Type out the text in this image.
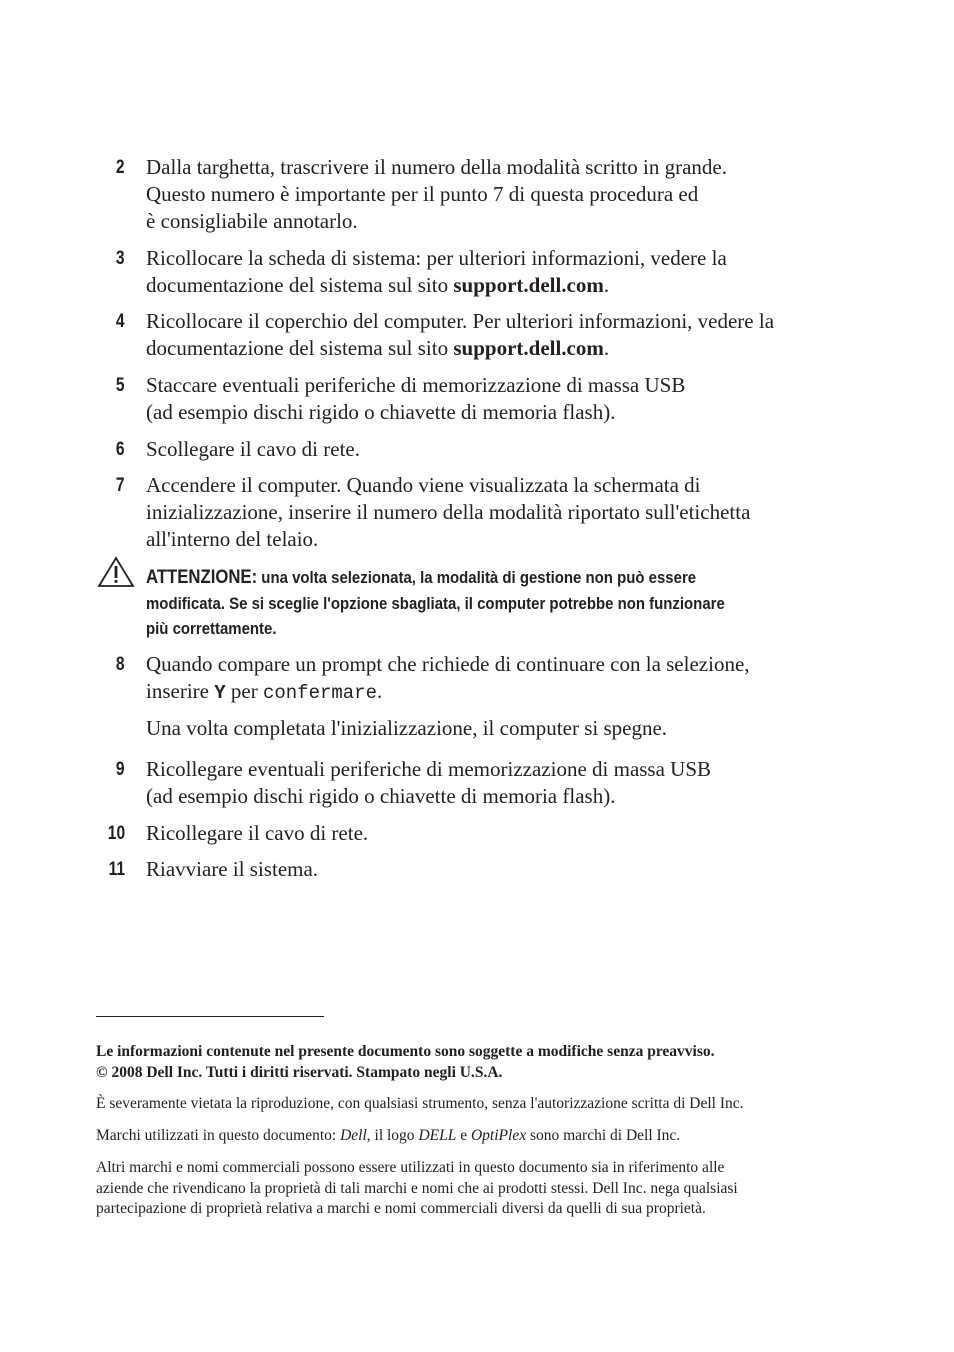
2 Dalla targhetta, trascrivere il numero della modalità scritto in grande.
Questo numero è importante per il punto 7 di questa procedura ed
è consigliabile annotarlo.
3 Ricollocare la scheda di sistema: per ulteriori informazioni, vedere la
documentazione del sistema sul sito support.dell.com.
4 Ricollocare il coperchio del computer. Per ulteriori informazioni, vedere la
documentazione del sistema sul sito support.dell.com.
5 Staccare eventuali periferiche di memorizzazione di massa USB
(ad esempio dischi rigido o chiavette di memoria flash).
6 Scollegare il cavo di rete.
7 Accendere il computer. Quando viene visualizzata la schermata di
inizializzazione, inserire il numero della modalità riportato sull'etichetta
all'interno del telaio.
ATTENZIONE: una volta selezionata, la modalità di gestione non può essere
modificata. Se si sceglie l'opzione sbagliata, il computer potrebbe non funzionare
più correttamente.
8 Quando compare un prompt che richiede di continuare con la selezione,
inserire Y per confermare.
Una volta completata l'inizializzazione, il computer si spegne.
9 Ricollegare eventuali periferiche di memorizzazione di massa USB
(ad esempio dischi rigido o chiavette di memoria flash).
10 Ricollegare il cavo di rete.
11 Riavviare il sistema.
Le informazioni contenute nel presente documento sono soggette a modifiche senza preavviso.
© 2008 Dell Inc. Tutti i diritti riservati. Stampato negli U.S.A.
È severamente vietata la riproduzione, con qualsiasi strumento, senza l'autorizzazione scritta di Dell Inc.
Marchi utilizzati in questo documento: Dell, il logo DELL e OptiPlex sono marchi di Dell Inc.
Altri marchi e nomi commerciali possono essere utilizzati in questo documento sia in riferimento alle
aziende che rivendicano la proprietà di tali marchi e nomi che ai prodotti stessi. Dell Inc. nega qualsiasi
partecipazione di proprietà relativa a marchi e nomi commerciali diversi da quelli di sua proprietà.
